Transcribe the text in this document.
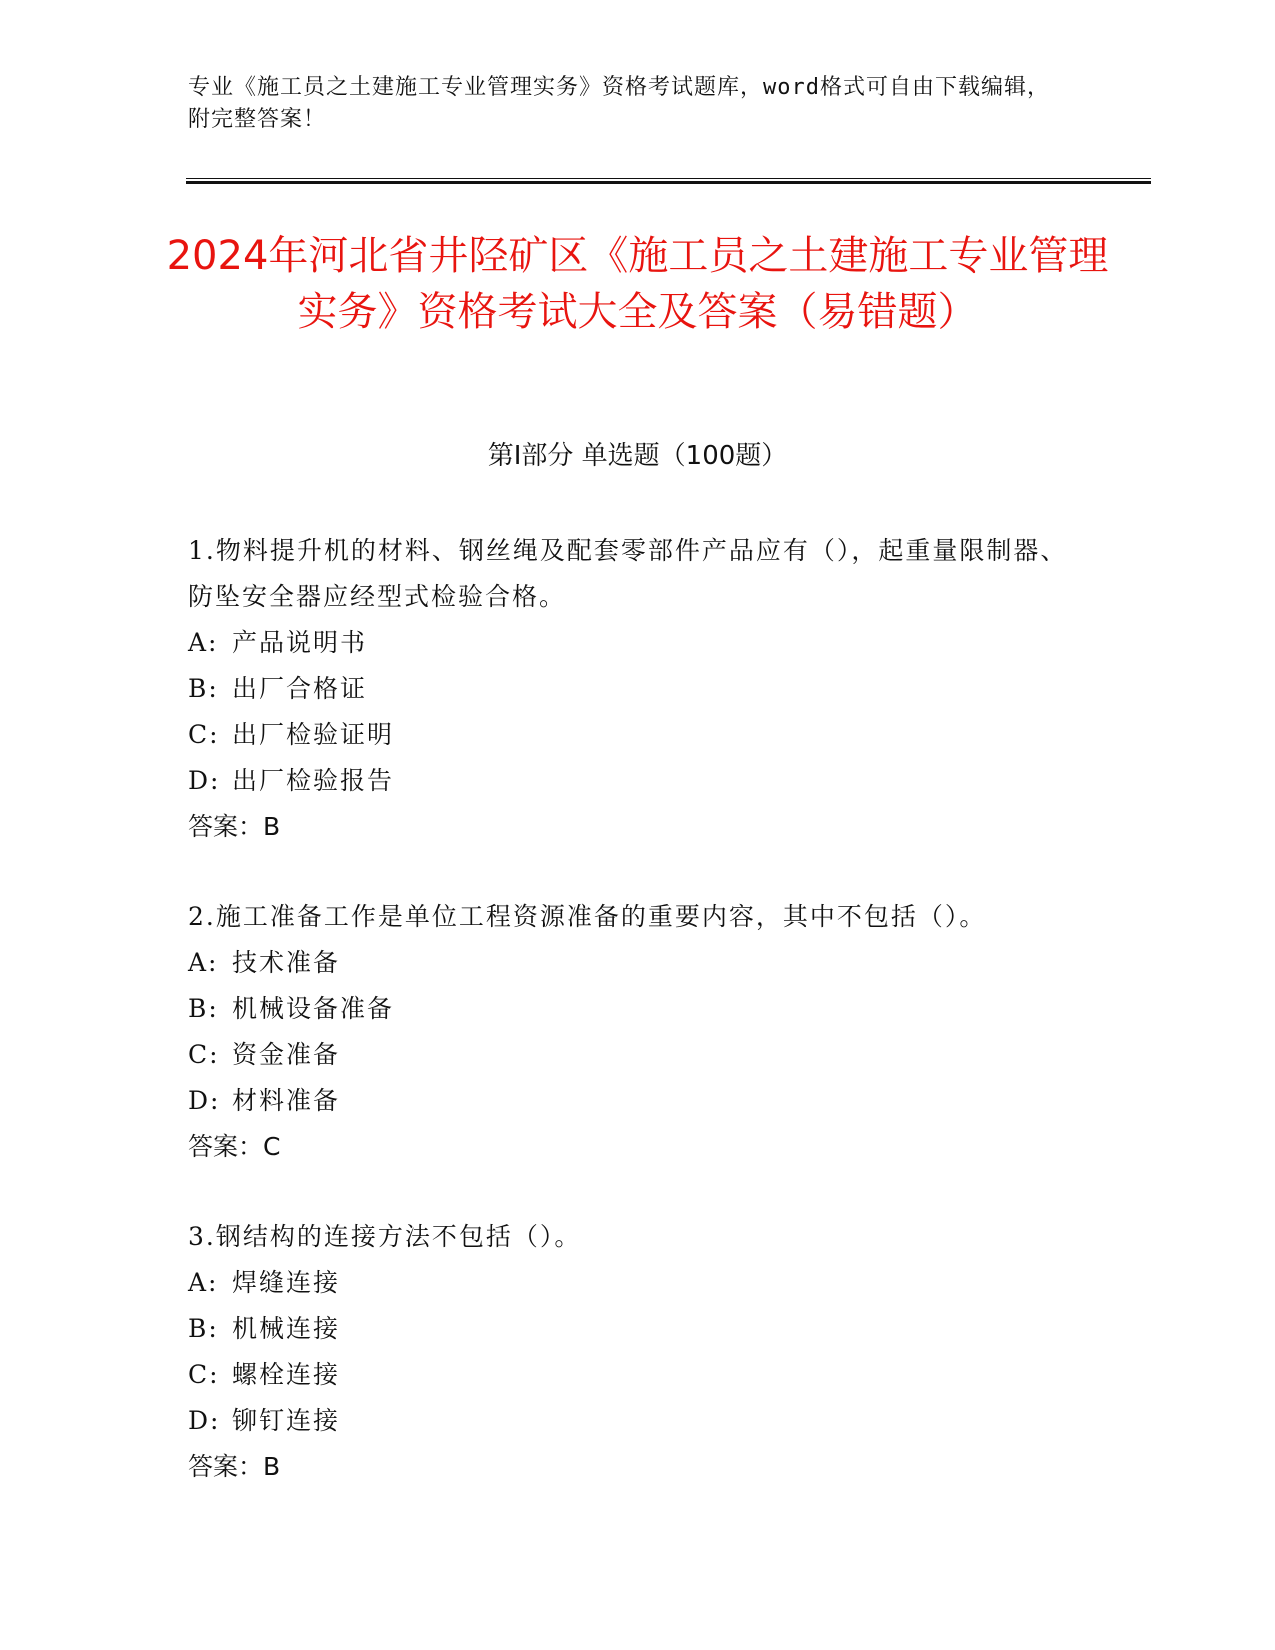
专业《施工员之土建施工专业管理实务》资格考试题库，word格式可自由下载编辑，附完整答案！
2024年河北省井陉矿区《施工员之土建施工专业管理实务》资格考试大全及答案（易错题）
第Ⅰ部分 单选题（100题）
1.物料提升机的材料、钢丝绳及配套零部件产品应有（），起重量限制器、防坠安全器应经型式检验合格。
A: 产品说明书
B: 出厂合格证
C: 出厂检验证明
D: 出厂检验报告
答案：B
2.施工准备工作是单位工程资源准备的重要内容，其中不包括（）。
A: 技术准备
B: 机械设备准备
C: 资金准备
D: 材料准备
答案：C
3.钢结构的连接方法不包括（）。
A: 焊缝连接
B: 机械连接
C: 螺栓连接
D: 铆钉连接
答案：B
